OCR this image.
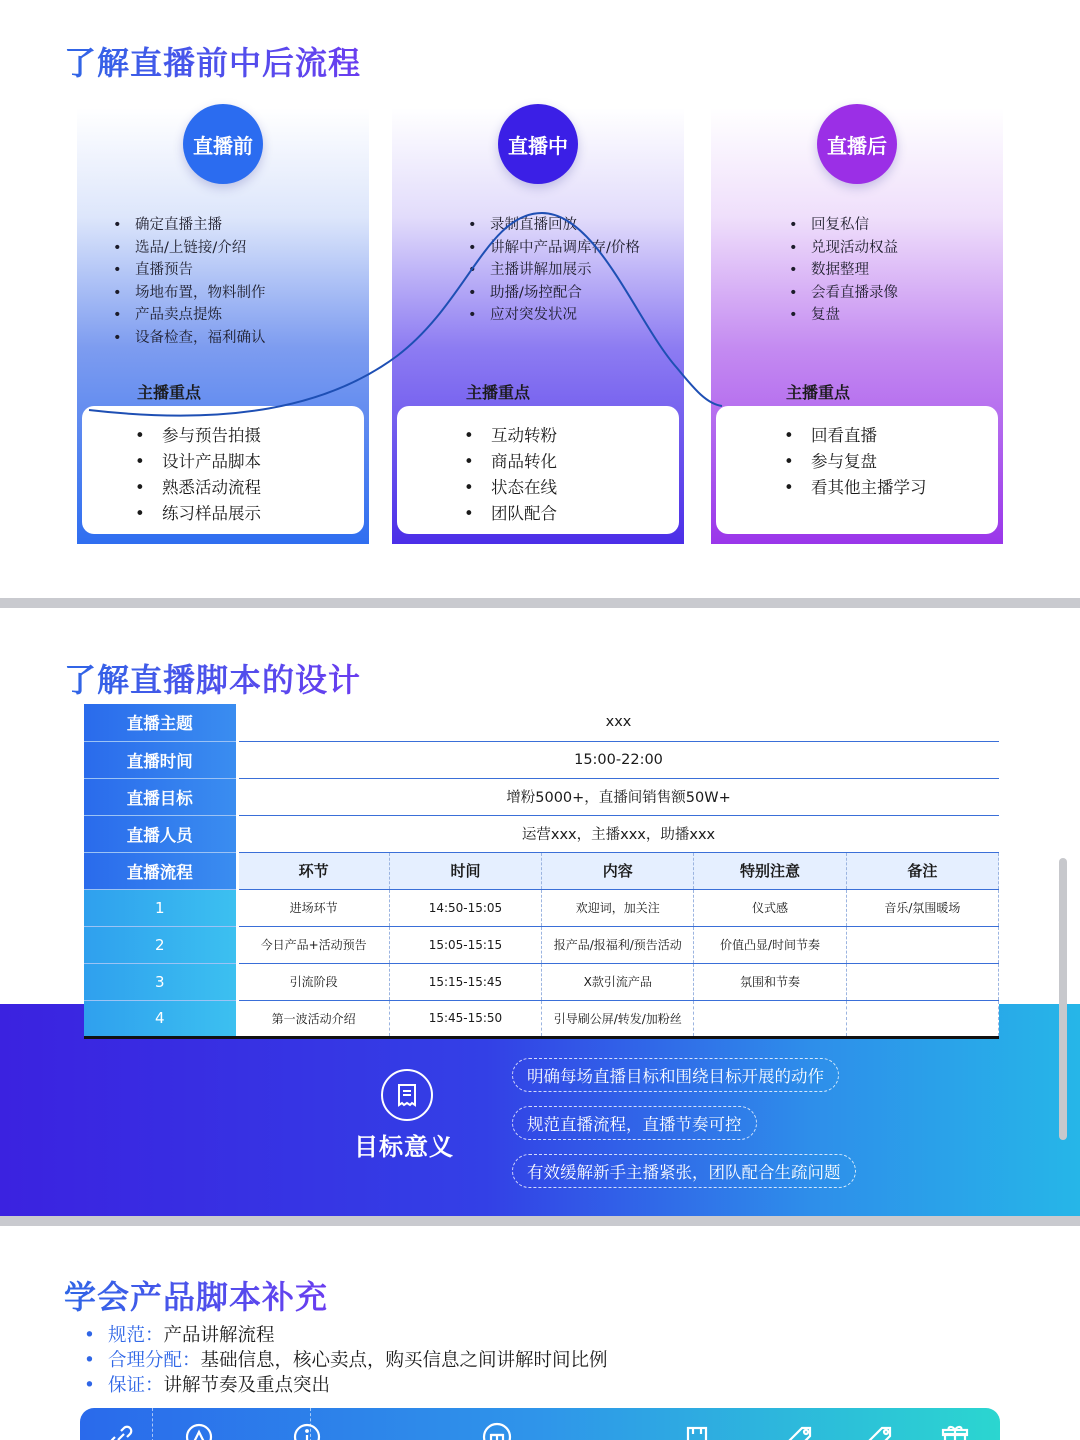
了解直播前中后流程
直播前
• 确定直播主播
• 选品/上链接/介绍
• 直播预告
• 场地布置，物料制作
• 产品卖点提炼
• 设备检查，福利确认
主播重点
• 参与预告拍摄
• 设计产品脚本
• 熟悉活动流程
• 练习样品展示
直播中
• 录制直播回放
• 讲解中产品调库存/价格
• 主播讲解加展示
• 助播/场控配合
• 应对突发状况
主播重点
• 互动转粉
• 商品转化
• 状态在线
• 团队配合
直播后
• 回复私信
• 兑现活动权益
• 数据整理
• 会看直播录像
• 复盘
主播重点
• 回看直播
• 参与复盘
• 看其他主播学习
了解直播脚本的设计
直播主题	xxx				
直播时间	15:00-22:00				
直播目标	增粉5000+，直播间销售额50W+				
直播人员	运营xxx，主播xxx，助播xxx				
直播流程	环节	时间	内容	特别注意	备注
1	进场环节	14:50-15:05	欢迎词，加关注	仪式感	音乐/氛围暖场
2	今日产品+活动预告	15:05-15:15	报产品/报福利/预告活动	价值凸显/时间节奏	
3	引流阶段	15:15-15:45	X款引流产品	氛围和节奏	
4	第一波活动介绍	15:45-15:50	引导刷公屏/转发/加粉丝		
目标意义
明确每场直播目标和围绕目标开展的动作
规范直播流程，直播节奏可控
有效缓解新手主播紧张，团队配合生疏问题
学会产品脚本补充
• 规范：产品讲解流程
• 合理分配：基础信息，核心卖点，购买信息之间讲解时间比例
• 保证：讲解节奏及重点突出
